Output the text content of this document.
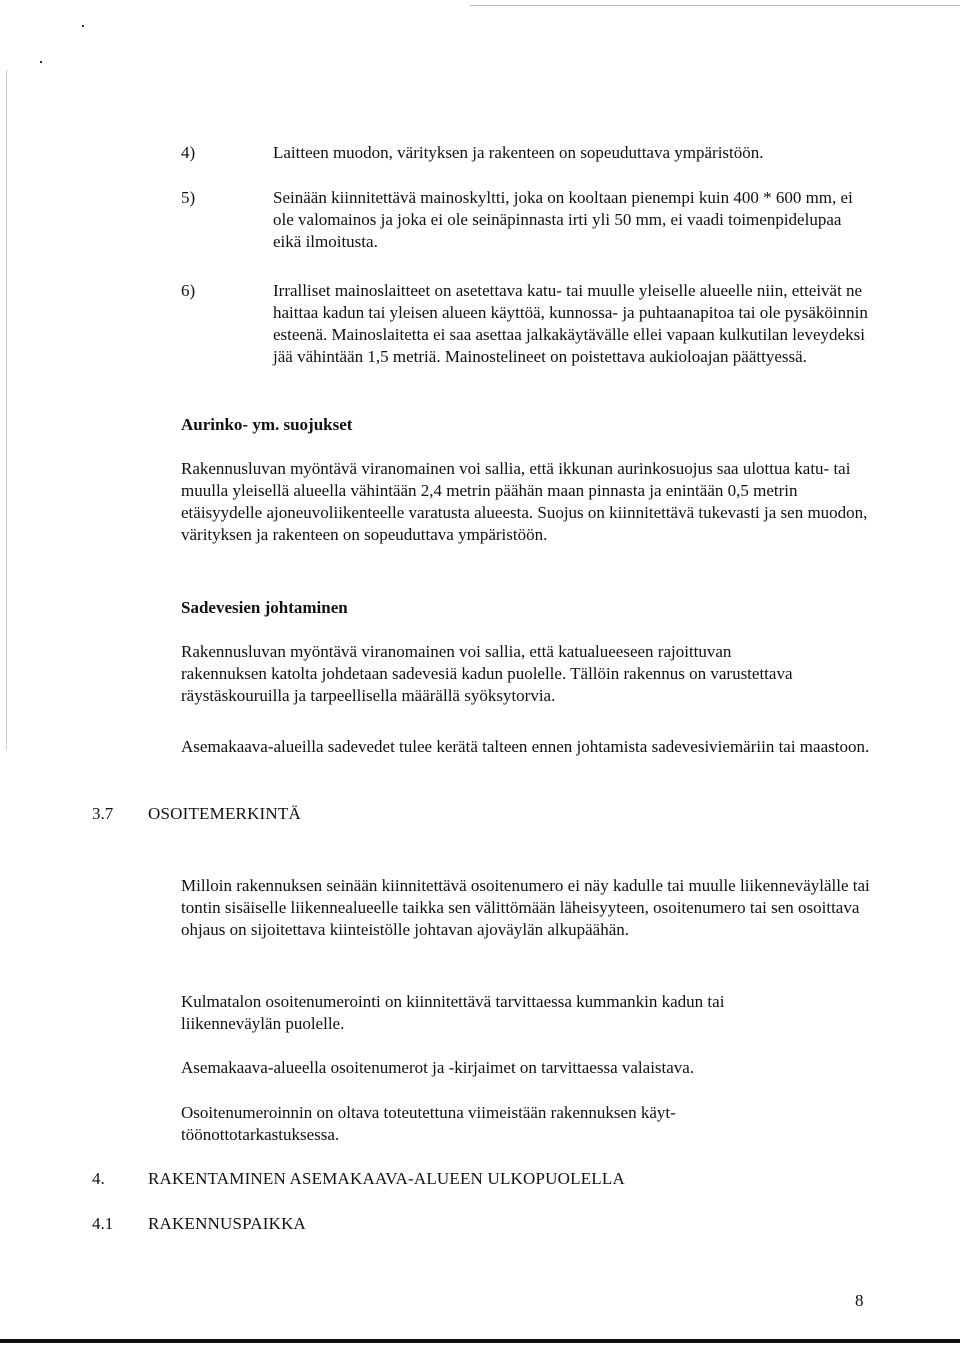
4)	Laitteen muodon, värityksen ja rakenteen on sopeuduttava ympäristöön.
5)	Seinään kiinnitettävä mainoskyltti, joka on kooltaan pienempi kuin 400 * 600 mm, ei ole valomainos ja joka ei ole seinäpinnasta irti yli 50 mm, ei vaadi toimenpidelupaa eikä ilmoitusta.
6)	Irralliset mainoslaitteet on asetettava katu- tai muulle yleiselle alueelle niin, etteivät ne haittaa kadun tai yleisen alueen käyttöä, kunnossa- ja puhtaanapitoa tai ole pysäköinnin esteenä. Mainoslaitetta ei saa asettaa jalkakäytävälle ellei vapaan kulkutilan leveydeksi jää vähintään 1,5 metriä. Mainostelineet on poistettava aukioloajan päättyessä.
Aurinko- ym. suojukset
Rakennusluvan myöntävä viranomainen voi sallia, että ikkunan aurinkosuojus saa ulottua katu- tai muulla yleisellä alueella vähintään 2,4 metrin päähän maan pinnasta ja enintään 0,5 metrin etäisyydelle ajoneuvoliikenteelle varatusta alueesta. Suojus on kiinnitettävä tukevasti ja sen muodon, värityksen ja rakenteen on sopeuduttava ympäristöön.
Sadevesien johtaminen
Rakennusluvan myöntävä viranomainen voi sallia, että katualueeseen rajoittuvan rakennuksen katolta johdetaan sadevesiä kadun puolelle. Tällöin rakennus on varustettava räystäskouruilla ja tarpeellisella määrällä syöksytorvia.
Asemakaava-alueilla sadevedet tulee kerätä talteen ennen johtamista sadevesiviemäriin tai maastoon.
3.7 OSOITEMERKINTÄ
Milloin rakennuksen seinään kiinnitettävä osoitenumero ei näy kadulle tai muulle liikenneväylälle tai tontin sisäiselle liikennealueelle taikka sen välittömään läheisyyteen, osoitenumero tai sen osoittava ohjaus on sijoitettava kiinteistölle johtavan ajoväylän alkupäähän.
Kulmatalon osoitenumerointi on kiinnitettävä tarvittaessa kummankin kadun tai liikenneväylän puolelle.
Asemakaava-alueella osoitenumerot ja -kirjaimet on tarvittaessa valaistava.
Osoitenumeroinnin on oltava toteutettuna viimeistään rakennuksen käyt-töönottotarkastuksessa.
4.	RAKENTAMINEN ASEMAKAAVA-ALUEEN ULKOPUOLELLA
4.1 RAKENNUSPAIKKA
8
